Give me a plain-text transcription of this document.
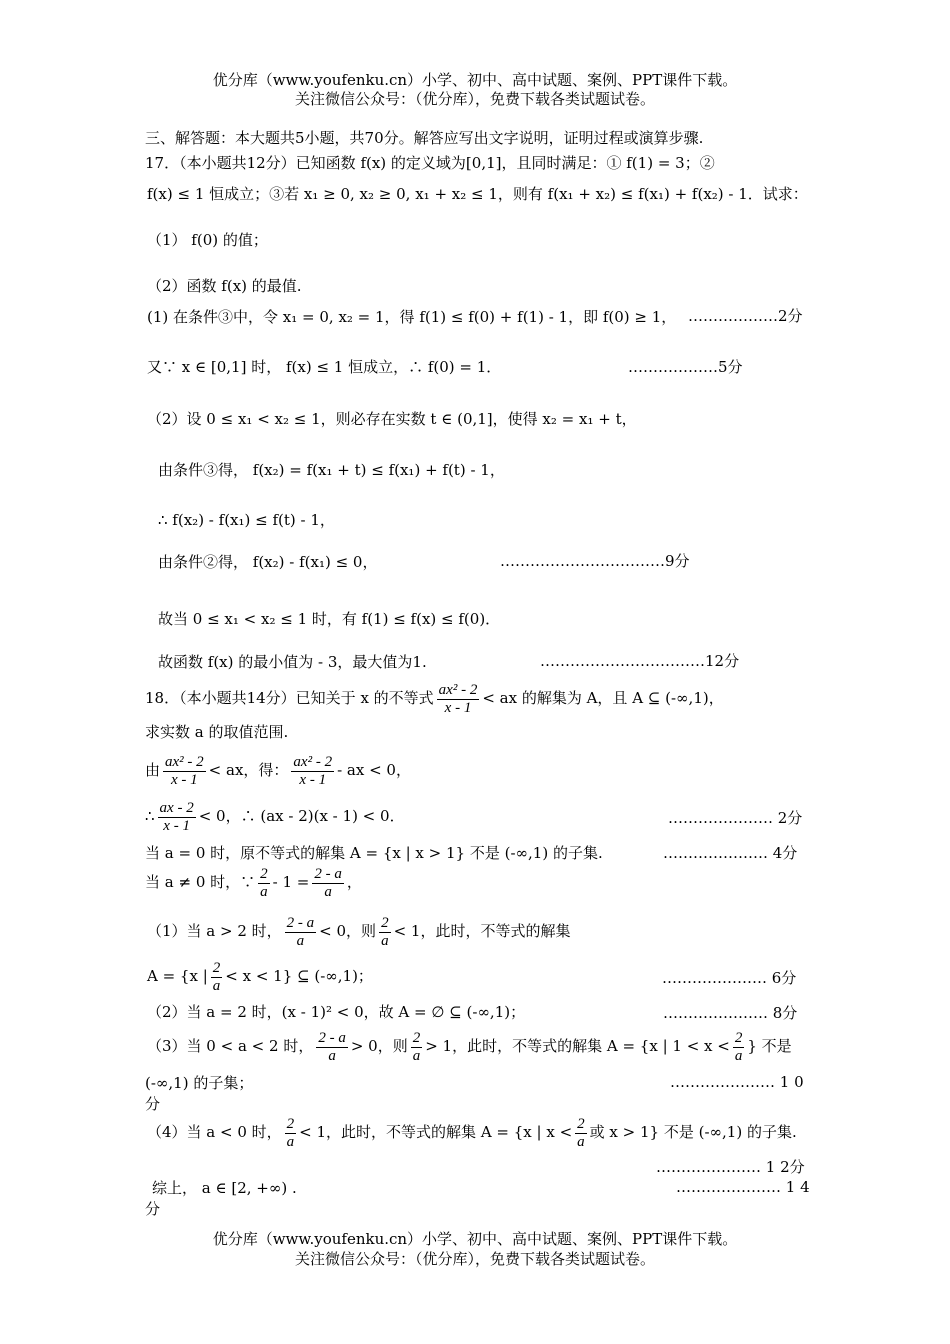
优分库（www.youfenku.cn）小学、初中、高中试题、案例、PPT课件下载。
关注微信公众号：（优分库），免费下载各类试题试卷。
三、解答题：本大题共5小题，共70分。解答应写出文字说明，证明过程或演算步骤.
17．（本小题共12分）已知函数 f(x) 的定义域为[0,1]，且同时满足：① f(1) = 3；②
f(x) ≤ 1 恒成立；③若 x₁ ≥ 0, x₂ ≥ 0, x₁ + x₂ ≤ 1，则有 f(x₁ + x₂) ≤ f(x₁) + f(x₂) - 1．试求：
（1） f(0) 的值；
（2）函数 f(x) 的最值.
(1) 在条件③中，令 x₁ = 0, x₂ = 1，得 f(1) ≤ f(0) + f(1) - 1，即 f(0) ≥ 1， ………………2分
又∵ x ∈ [0,1] 时， f(x) ≤ 1 恒成立，∴ f(0) = 1．	………………5分
（2）设 0 ≤ x₁ < x₂ ≤ 1，则必存在实数 t ∈ (0,1]，使得 x₂ = x₁ + t，
由条件③得， f(x₂) = f(x₁ + t) ≤ f(x₁) + f(t) - 1，
∴ f(x₂) - f(x₁) ≤ f(t) - 1，
由条件②得， f(x₂) - f(x₁) ≤ 0，	……………………………9分
故当 0 ≤ x₁ < x₂ ≤ 1 时，有 f(1) ≤ f(x) ≤ f(0)．
故函数 f(x) 的最小值为 - 3，最大值为1.	……………………………12分
18．（本小题共14分）已知关于 x 的不等式 $\frac{\text{ax² - 2}}{x - 1}$ < ax 的解集为 A，且 A ⊆ (-∞,1)，
求实数 a 的取值范围.
由 $\frac{\text{ax² - 2}}{x - 1}$ < ax，得： $\frac{\text{ax² - 2}}{x - 1}$ - ax < 0，
∴ $\frac{ax - 2}{x - 1} < 0$，∴ (ax - 2)(x - 1) < 0．	………………… 2分
当 a = 0 时，原不等式的解集 A = {x | x > 1} 不是 (-∞,1) 的子集.	………………… 4分
当 a ≠ 0 时，∵ $\frac{2}{a} - 1 = \frac{2 - a}{a}$ ，
（1）当 a > 2 时， $\frac{2 - a}{a} < 0$，则 $\frac{2}{a} < 1$，此时，不等式的解集
A = {x | $\frac{2}{a} < x < 1$} ⊆ (-∞,1)；	………………… 6分
（2）当 a = 2 时，(x - 1)² < 0，故 A = ∅ ⊆ (-∞,1)；	………………… 8分
（3）当 0 < a < 2 时， $\frac{2 - a}{a} > 0$，则 $\frac{2}{a} > 1$，此时，不等式的解集 A = {x | $1 < x < \frac{2}{a}$ } 不是
(-∞,1) 的子集；	………………… 1 0
分
（4）当 a < 0 时， $\frac{2}{a} < 1$，此时，不等式的解集 A = {x | $x < \frac{2}{a}$ 或 x > 1} 不是 (-∞,1) 的子集.
………………… 1 2分
综上， a ∈ [2, +∞) .	………………… 1 4
分
优分库（www.youfenku.cn）小学、初中、高中试题、案例、PPT课件下载。
关注微信公众号：（优分库），免费下载各类试题试卷。
